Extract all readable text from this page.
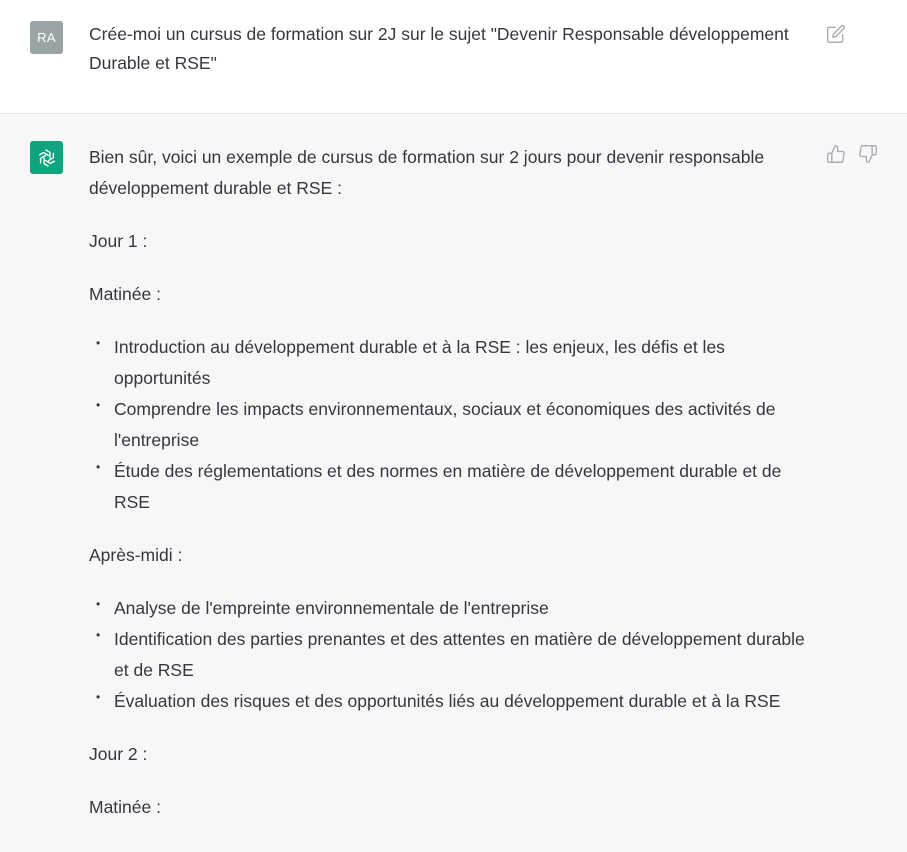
RA Crée-moi un cursus de formation sur 2J sur le sujet "Devenir Responsable développement Durable et RSE"

Bien sûr, voici un exemple de cursus de formation sur 2 jours pour devenir responsable développement durable et RSE :

Jour 1 :

Matinée :

• Introduction au développement durable et à la RSE : les enjeux, les défis et les opportunités
• Comprendre les impacts environnementaux, sociaux et économiques des activités de l'entreprise
• Étude des réglementations et des normes en matière de développement durable et de RSE

Après-midi :

• Analyse de l'empreinte environnementale de l'entreprise
• Identification des parties prenantes et des attentes en matière de développement durable et de RSE
• Évaluation des risques et des opportunités liés au développement durable et à la RSE

Jour 2 :

Matinée :
